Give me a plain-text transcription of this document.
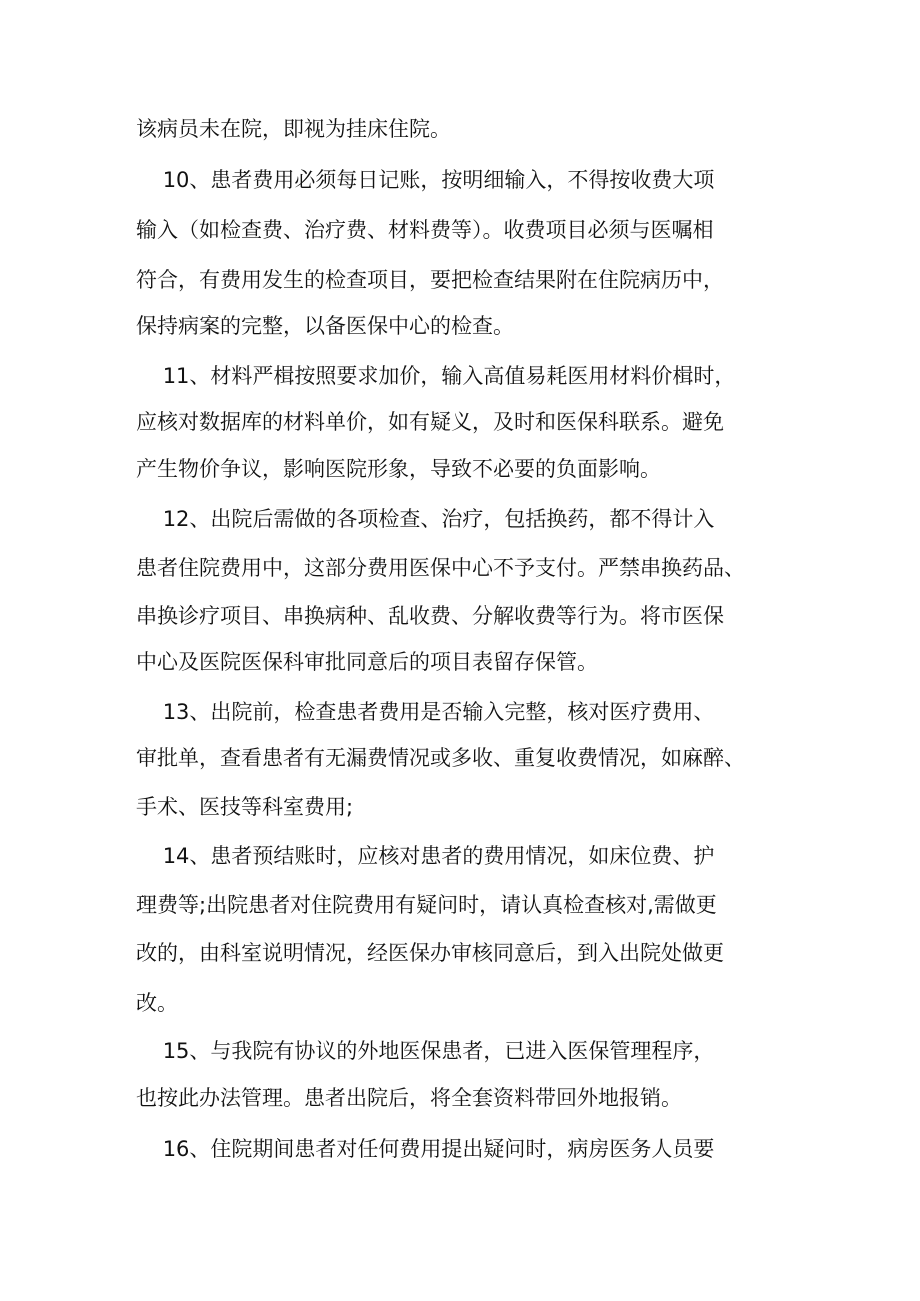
该病员未在院，即视为挂床住院。

10、患者费用必须每日记账，按明细输入，不得按收费大项

输入（如检查费、治疗费、材料费等）。收费项目必须与医嘱相

符合，有费用发生的检查项目，要把检查结果附在住院病历中，

保持病案的完整，以备医保中心的检查。

11、材料严楫按照要求加价，输入高值易耗医用材料价楫时，

应核对数据库的材料单价，如有疑义，及时和医保科联系。避免

产生物价争议，影响医院形象，导致不必要的负面影响。

12、出院后需做的各项检查、治疗，包括换药，都不得计入

患者住院费用中，这部分费用医保中心不予支付。严禁串换药品、

串换诊疗项目、串换病种、乱收费、分解收费等行为。将市医保

中心及医院医保科审批同意后的项目表留存保管。

13、出院前，检查患者费用是否输入完整，核对医疗费用、

审批单，查看患者有无漏费情况或多收、重复收费情况，如麻醉、

手术、医技等科室费用;

14、患者预结账时，应核对患者的费用情况，如床位费、护

理费等;出院患者对住院费用有疑问时，请认真检查核对,需做更

改的，由科室说明情况，经医保办审核同意后，到入出院处做更

改。

15、与我院有协议的外地医保患者，已进入医保管理程序，

也按此办法管理。患者出院后，将全套资料带回外地报销。

16、住院期间患者对任何费用提出疑问时，病房医务人员要
